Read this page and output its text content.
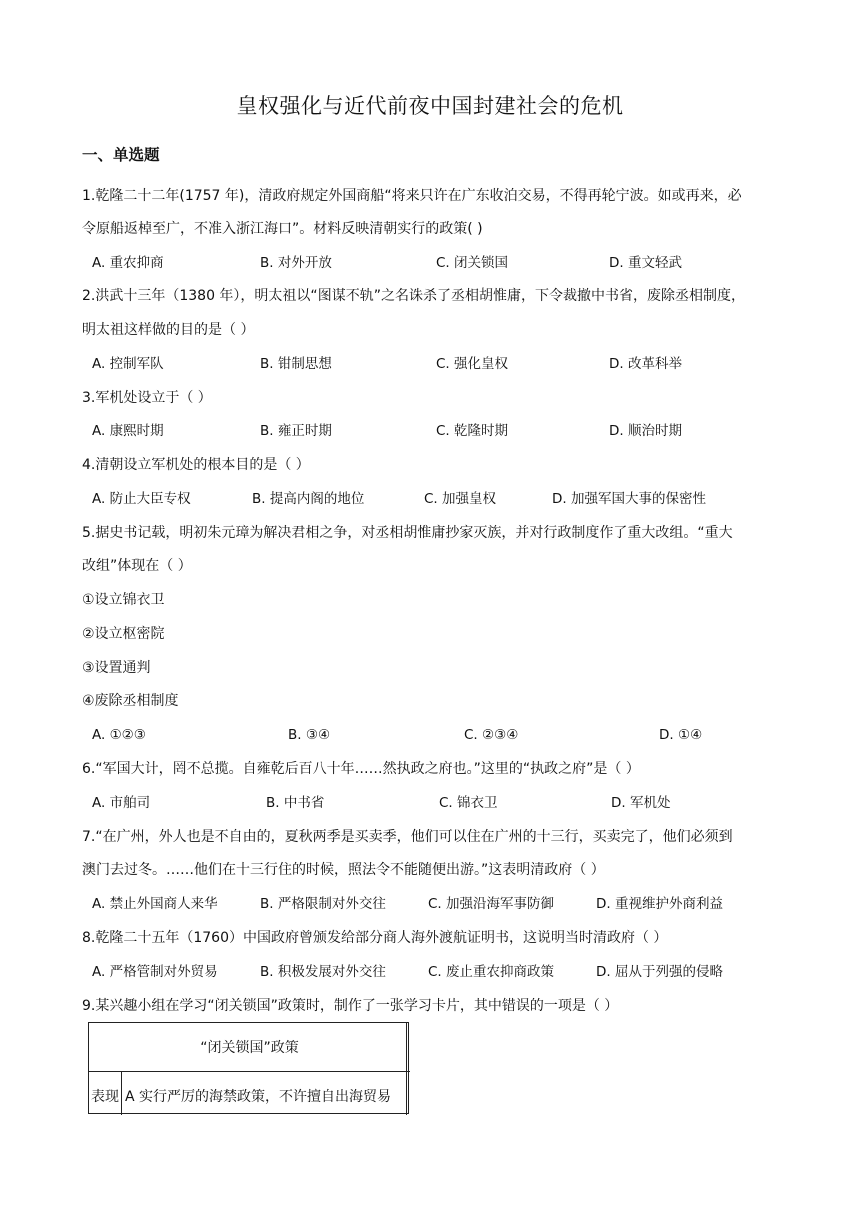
皇权强化与近代前夜中国封建社会的危机
一、单选题
1.乾隆二十二年(1757 年)，清政府规定外国商船“将来只许在广东收泊交易，不得再轮宁波。如或再来，必
令原船返棹至广，不准入浙江海口”。材料反映清朝实行的政策( )
A. 重农抑商	B. 对外开放	C. 闭关锁国	D. 重文轻武
2.洪武十三年（1380 年），明太祖以“图谋不轨”之名诛杀了丞相胡惟庸，下令裁撤中书省，废除丞相制度，
明太祖这样做的目的是（ ）
A. 控制军队	B. 钳制思想	C. 强化皇权	D. 改革科举
3.军机处设立于（ ）
A. 康熙时期	B. 雍正时期	C. 乾隆时期	D. 顺治时期
4.清朝设立军机处的根本目的是（ ）
A. 防止大臣专权	B. 提高内阁的地位	C. 加强皇权	D. 加强军国大事的保密性
5.据史书记载，明初朱元璋为解决君相之争，对丞相胡惟庸抄家灭族，并对行政制度作了重大改组。“重大
改组”体现在（ ）
①设立锦衣卫
②设立枢密院
③设置通判
④废除丞相制度
A. ①②③	B. ③④	C. ②③④	D. ①④
6.“军国大计，罔不总揽。自雍乾后百八十年……然执政之府也。”这里的“执政之府”是（ ）
A. 市舶司	B. 中书省	C. 锦衣卫	D. 军机处
7.“在广州，外人也是不自由的，夏秋两季是买卖季，他们可以住在广州的十三行，买卖完了，他们必须到
澳门去过冬。……他们在十三行住的时候，照法令不能随便出游。”这表明清政府（ ）
A. 禁止外国商人来华	B. 严格限制对外交往	C. 加强沿海军事防御	D. 重视维护外商利益
8.乾隆二十五年（1760）中国政府曾颁发给部分商人海外渡航证明书，这说明当时清政府（ ）
A. 严格管制对外贸易	B. 积极发展对外交往	C. 废止重农抑商政策	D. 屈从于列强的侵略
9.某兴趣小组在学习“闭关锁国”政策时，制作了一张学习卡片，其中错误的一项是（ ）
“闭关锁国”政策
表现 A 实行严厉的海禁政策，不许擅自出海贸易
